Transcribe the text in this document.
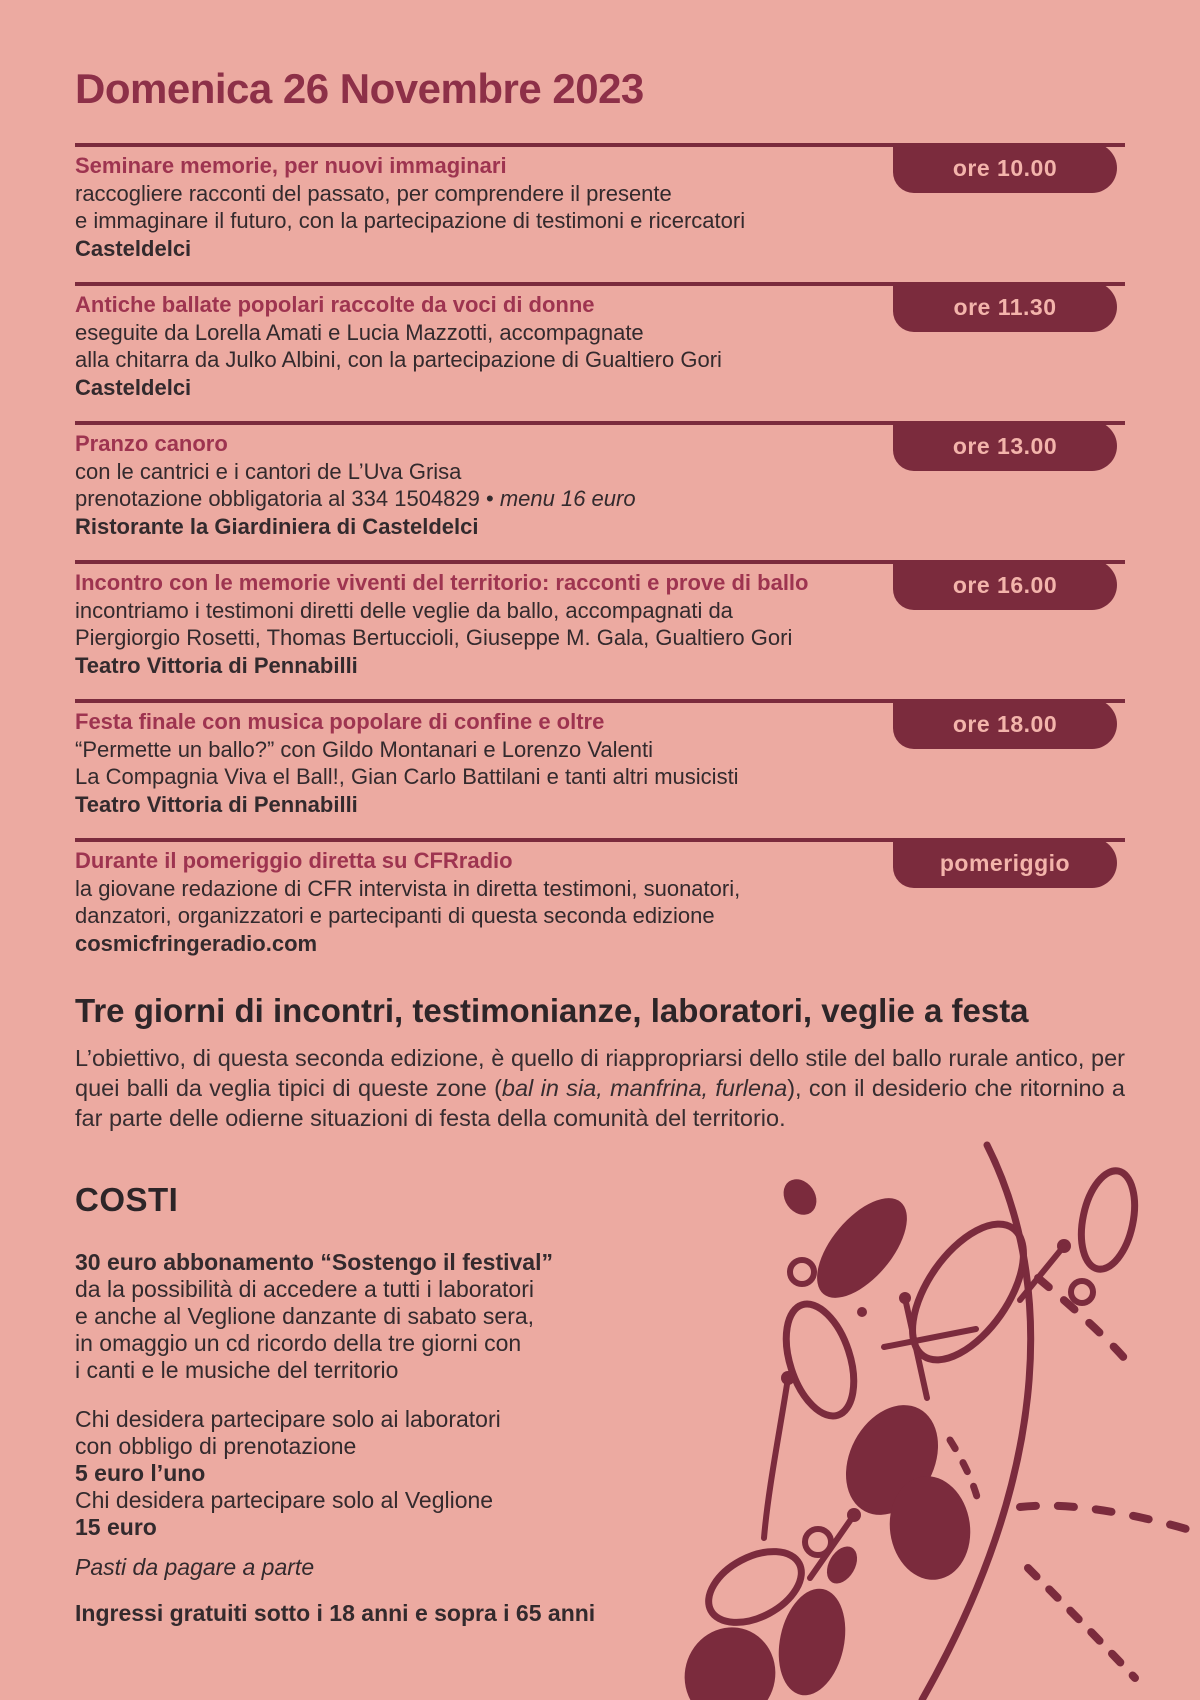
Domenica 26 Novembre 2023
ore 10.00
Seminare memorie, per nuovi immaginari
raccogliere racconti del passato, per comprendere il presente
e immaginare il futuro, con la partecipazione di testimoni e ricercatori
Casteldelci
ore 11.30
Antiche ballate popolari raccolte da voci di donne
eseguite da Lorella Amati e Lucia Mazzotti, accompagnate
alla chitarra da Julko Albini, con la partecipazione di Gualtiero Gori
Casteldelci
ore 13.00
Pranzo canoro
con le cantrici e i cantori de L’Uva Grisa
prenotazione obbligatoria al 334 1504829 • menu 16 euro
Ristorante la Giardiniera di Casteldelci
ore 16.00
Incontro con le memorie viventi del territorio: racconti e prove di ballo
incontriamo i testimoni diretti delle veglie da ballo, accompagnati da
Piergiorgio Rosetti, Thomas Bertuccioli, Giuseppe M. Gala, Gualtiero Gori
Teatro Vittoria di Pennabilli
ore 18.00
Festa finale con musica popolare di confine e oltre
“Permette un ballo?” con Gildo Montanari e Lorenzo Valenti
La Compagnia Viva el Ball!, Gian Carlo Battilani e tanti altri musicisti
Teatro Vittoria di Pennabilli
pomeriggio
Durante il pomeriggio diretta su CFRradio
la giovane redazione di CFR intervista in diretta testimoni, suonatori,
danzatori, organizzatori e partecipanti di questa seconda edizione
cosmicfringeradio.com
Tre giorni di incontri, testimonianze, laboratori, veglie a festa

L’obiettivo, di questa seconda edizione, è quello di riappropriarsi dello stile del ballo rurale antico, per quei balli da veglia tipici di queste zone (bal in sia, manfrina, furlena), con il desiderio che ritornino a far parte delle odierne situazioni di festa della comunità del territorio.

COSTI
30 euro abbonamento “Sostengo il festival”
da la possibilità di accedere a tutti i laboratori
e anche al Veglione danzante di sabato sera,
in omaggio un cd ricordo della tre giorni con
i canti e le musiche del territorio
Chi desidera partecipare solo ai laboratori
con obbligo di prenotazione
5 euro l’uno
Chi desidera partecipare solo al Veglione
15 euro
Pasti da pagare a parte
Ingressi gratuiti sotto i 18 anni e sopra i 65 anni
